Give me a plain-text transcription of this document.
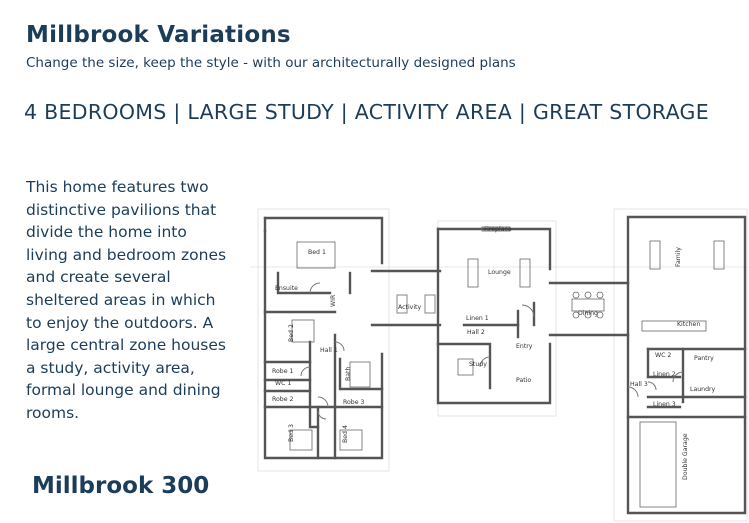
Millbrook Variations
Change the size, keep the style - with our architecturally designed plans
4 BEDROOMS | LARGE STUDY | ACTIVITY AREA | GREAT STORAGE
This home features two
distinctive pavilions that
divide the home into
living and bedroom zones
and create several
sheltered areas in which
to enjoy the outdoors. A
large central zone houses
a study, activity area,
formal lounge and dining
rooms.
Millbrook 300
Bed 1
Ensuite
WIR
Bed 2
Hall 1
Robe 1
WC 1
Robe 2
Bath
Robe 3
Bed 3	Bed 4
Activity
Fireplace
Lounge
Linen 1
Hall 2
Entry
Study
Patio
Dining
Family
Kitchen
WC 2	Pantry
Linen 2
Hall 3
Laundry
Linen 3
Double Garage
